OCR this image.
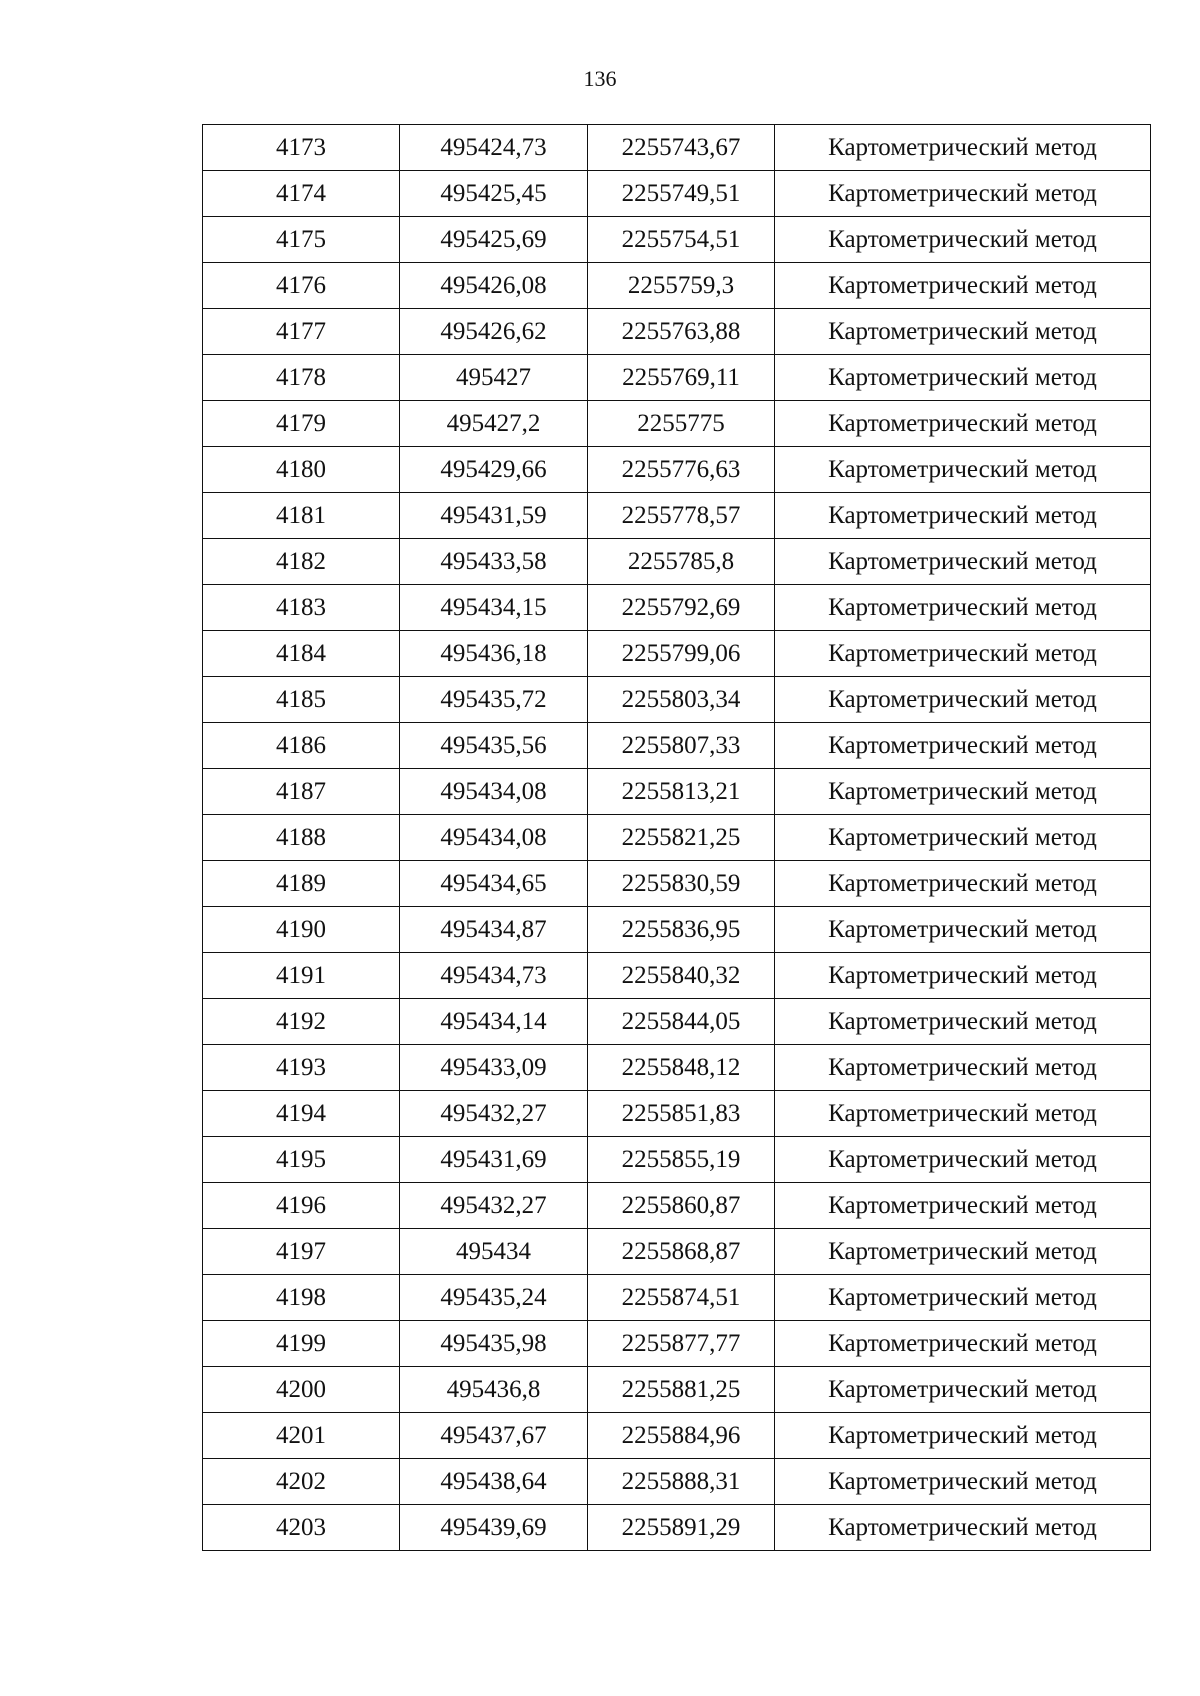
136
4173	495424,73	2255743,67	Картометрический метод
4174	495425,45	2255749,51	Картометрический метод
4175	495425,69	2255754,51	Картометрический метод
4176	495426,08	2255759,3	Картометрический метод
4177	495426,62	2255763,88	Картометрический метод
4178	495427	2255769,11	Картометрический метод
4179	495427,2	2255775	Картометрический метод
4180	495429,66	2255776,63	Картометрический метод
4181	495431,59	2255778,57	Картометрический метод
4182	495433,58	2255785,8	Картометрический метод
4183	495434,15	2255792,69	Картометрический метод
4184	495436,18	2255799,06	Картометрический метод
4185	495435,72	2255803,34	Картометрический метод
4186	495435,56	2255807,33	Картометрический метод
4187	495434,08	2255813,21	Картометрический метод
4188	495434,08	2255821,25	Картометрический метод
4189	495434,65	2255830,59	Картометрический метод
4190	495434,87	2255836,95	Картометрический метод
4191	495434,73	2255840,32	Картометрический метод
4192	495434,14	2255844,05	Картометрический метод
4193	495433,09	2255848,12	Картометрический метод
4194	495432,27	2255851,83	Картометрический метод
4195	495431,69	2255855,19	Картометрический метод
4196	495432,27	2255860,87	Картометрический метод
4197	495434	2255868,87	Картометрический метод
4198	495435,24	2255874,51	Картометрический метод
4199	495435,98	2255877,77	Картометрический метод
4200	495436,8	2255881,25	Картометрический метод
4201	495437,67	2255884,96	Картометрический метод
4202	495438,64	2255888,31	Картометрический метод
4203	495439,69	2255891,29	Картометрический метод
